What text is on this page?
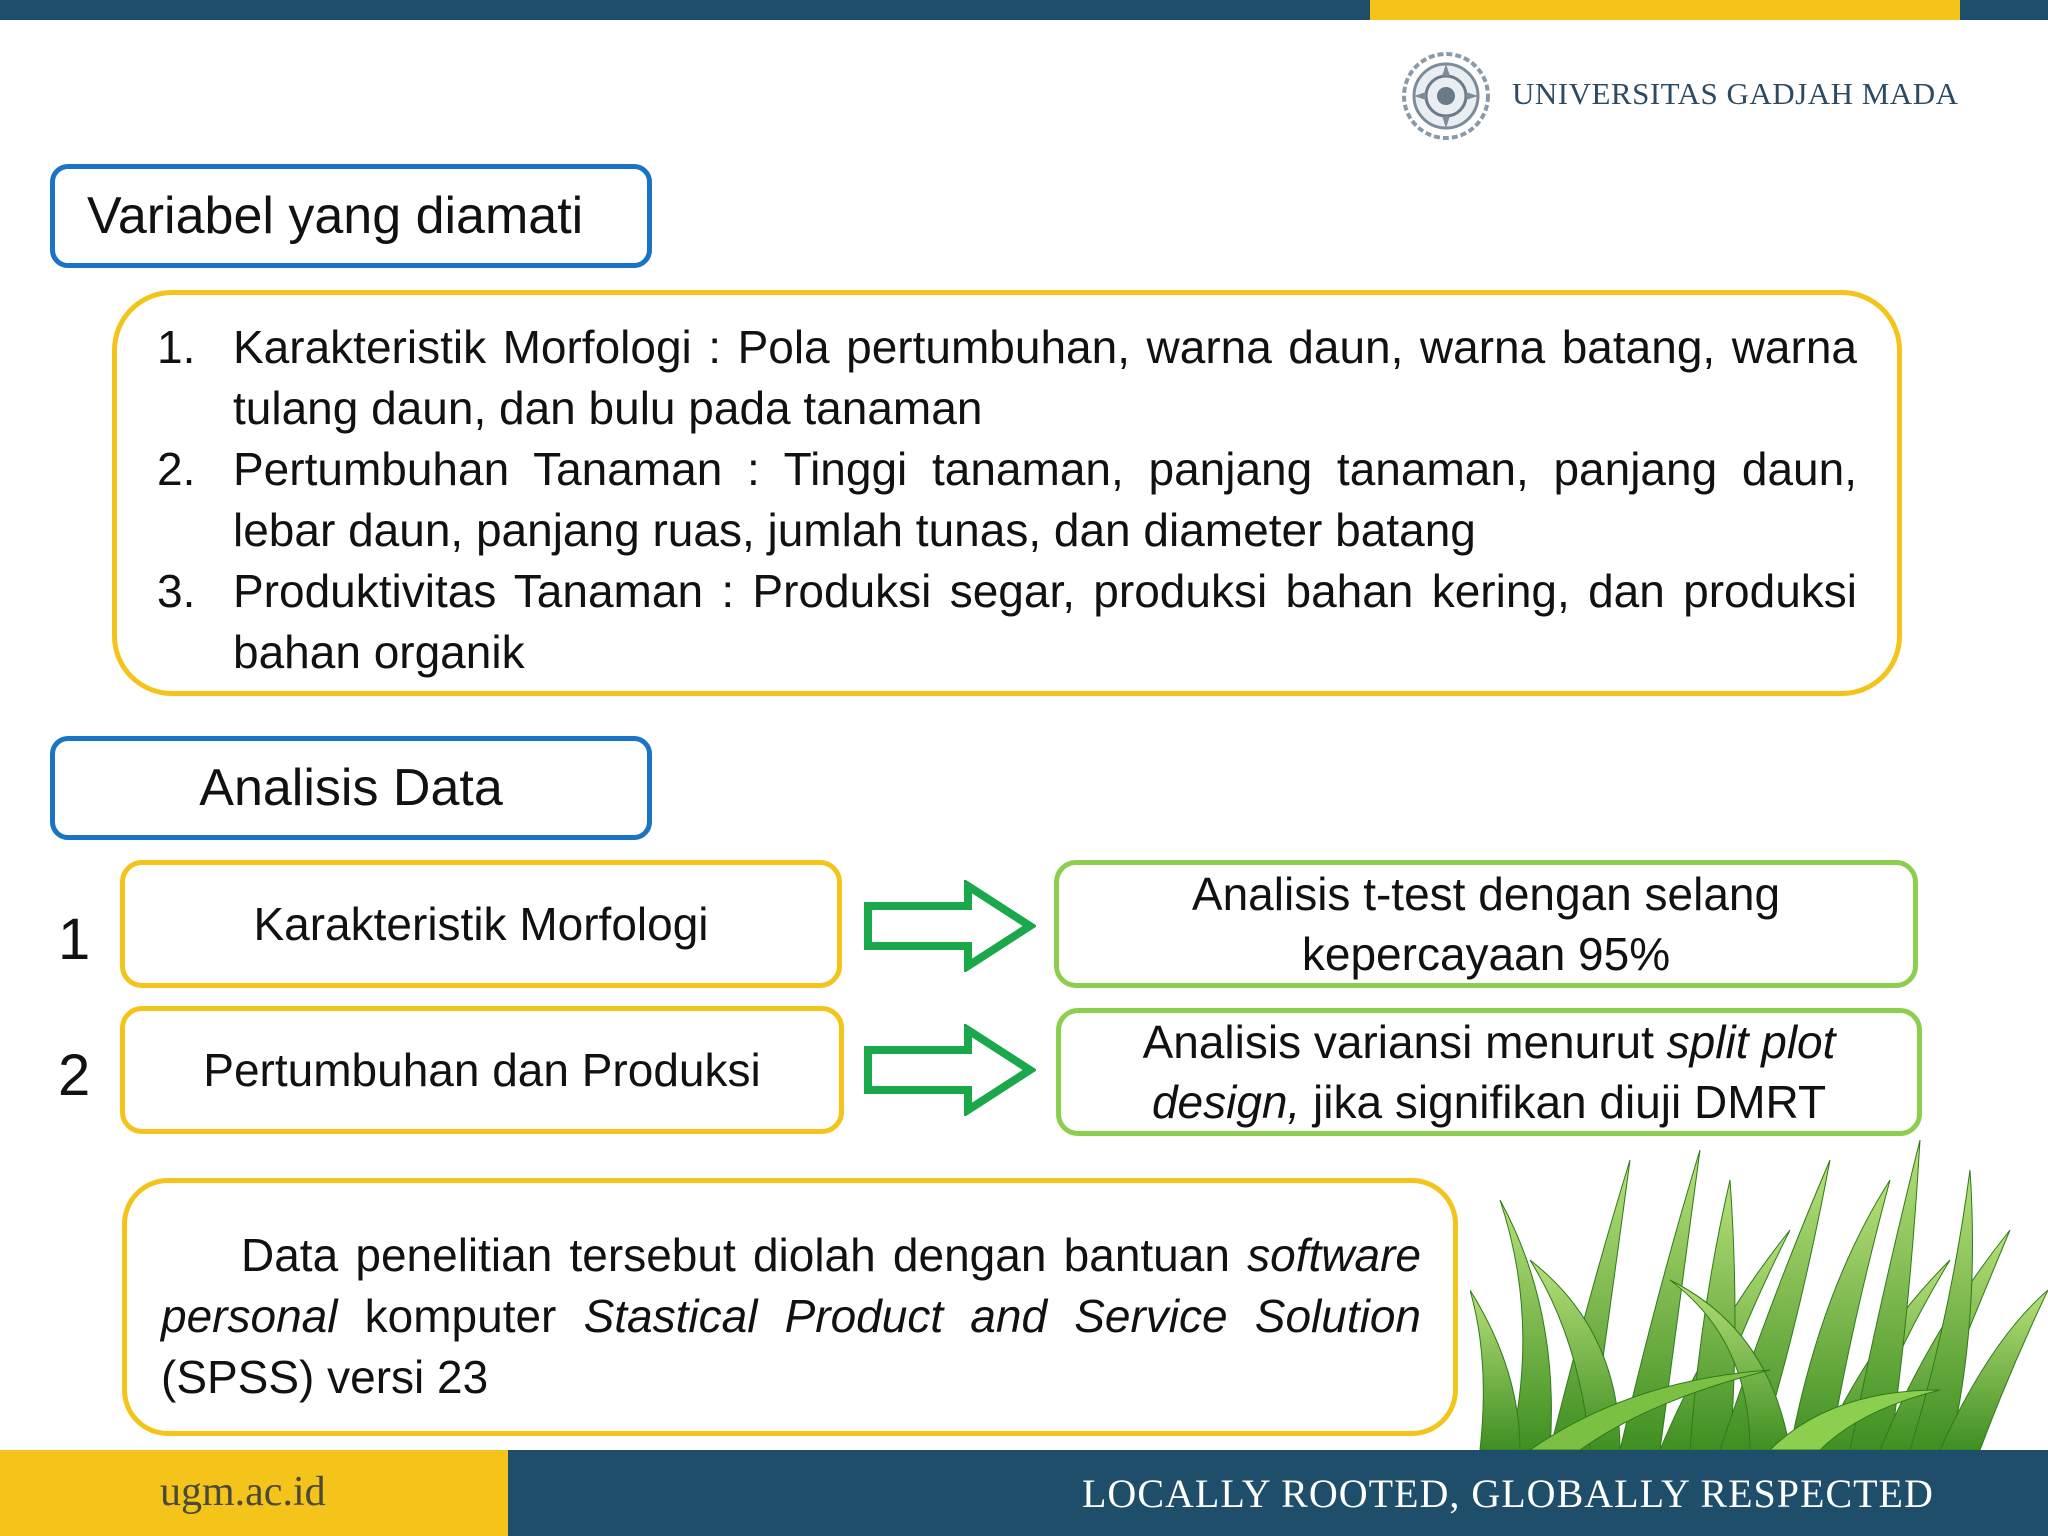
UNIVERSITAS GADJAH MADA
Variabel yang diamati
1. Karakteristik Morfologi : Pola pertumbuhan, warna daun, warna batang, warna tulang daun, dan bulu pada tanaman
2. Pertumbuhan Tanaman : Tinggi tanaman, panjang tanaman, panjang daun, lebar daun, panjang ruas, jumlah tunas, dan diameter batang
3. Produktivitas Tanaman : Produksi segar, produksi bahan kering, dan produksi bahan organik
Analisis Data
1	Karakteristik Morfologi
Analisis t-test dengan selang
kepercayaan 95%
2	Pertumbuhan dan Produksi
Analisis variansi menurut split plot
design, jika signifikan diuji DMRT
Data penelitian tersebut diolah dengan bantuan software personal komputer Stastical Product and Service Solution (SPSS) versi 23
ugm.ac.id	LOCALLY ROOTED, GLOBALLY RESPECTED
